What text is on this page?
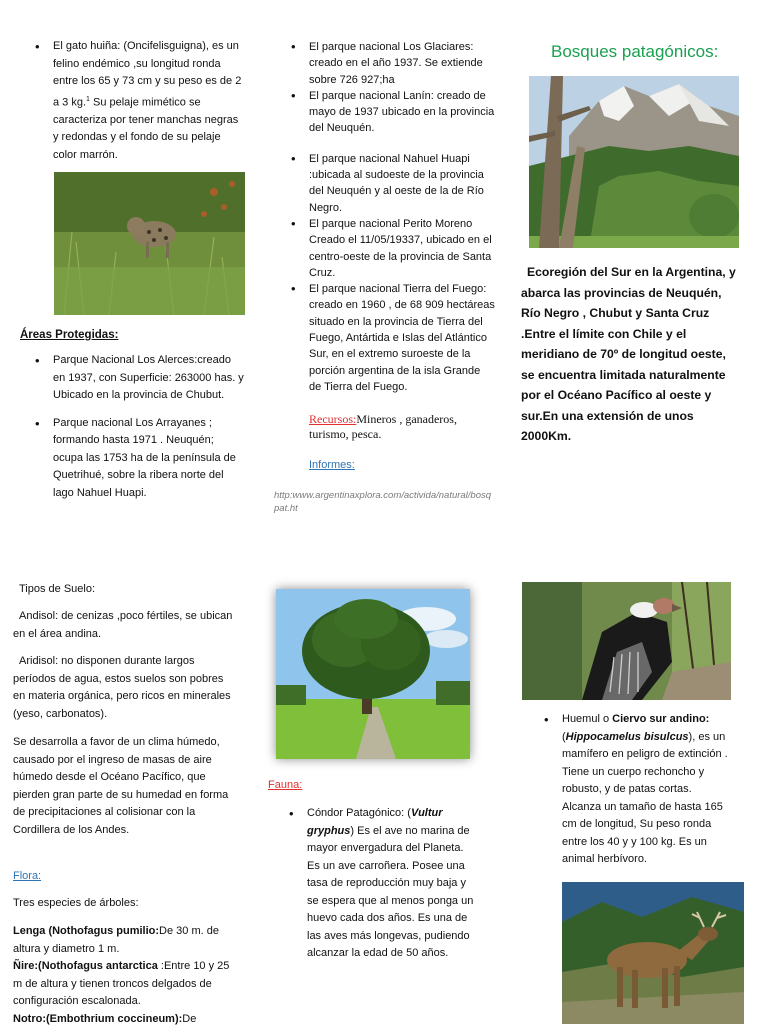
• El gato huiña: (Oncifelisguigna), es un felino endémico ,su longitud ronda entre los 65 y 73 cm y su peso es de 2 a 3 kg.$^1$ Su pelaje mimético se caracteriza por tener manchas negras y redondas y el fondo de su pelaje color marrón.
Áreas Protegidas:
• Parque Nacional Los Alerces:creado en 1937, con Superficie: 263000 has. y Ubicado en la provincia de Chubut.
• Parque nacional Los Arrayanes ; formando hasta 1971 . Neuquén; ocupa las 1753 ha de la península de Quetrihué, sobre la ribera norte del lago Nahuel Huapi.
• El parque nacional Los Glaciares: creado en el año 1937. Se extiende sobre 726 927;ha
• El parque nacional Lanín: creado de mayo de 1937 ubicado en la provincia del Neuquén.
• El parque nacional Nahuel Huapi :ubicada al sudoeste de la provincia del Neuquén y al oeste de la de Río Negro.
• El parque nacional Perito Moreno Creado el 11/05/19337, ubicado en el centro-oeste de la provincia de Santa Cruz.
• El parque nacional Tierra del Fuego: creado en 1960 , de 68 909 hectáreas situado en la provincia de Tierra del Fuego, Antártida e Islas del Atlántico Sur, en el extremo suroeste de la porción argentina de la isla Grande de Tierra del Fuego.
Recursos:Mineros , ganaderos, turismo, pesca.
Informes:
http:www.argentinaxplora.com/activida/natural/bosqpat.ht
Bosques patagónicos:
Ecoregión del Sur en la Argentina, y abarca las provincias de Neuquén, Río Negro , Chubut y Santa Cruz .Entre el límite con Chile y el meridiano de 70º de longitud oeste, se encuentra limitada naturalmente por el Océano Pacífico al oeste y sur.En una extensión de unos 2000Km.
Tipos de Suelo:
Andisol: de cenizas ,poco fértiles, se ubican en el área andina.
Aridisol: no disponen durante largos períodos de agua, estos suelos son pobres en materia orgánica, pero ricos en minerales (yeso, carbonatos).
Se desarrolla a favor de un clima húmedo, causado por el ingreso de masas de aire húmedo desde el Océano Pacífico, que pierden gran parte de su humedad en forma de precipitaciones al colisionar con la Cordillera de los Andes.
Flora:
Tres especies de árboles:
Lenga (Nothofagus pumilio:De 30 m. de altura y diametro 1 m.
Ñire:(Nothofagus antarctica :Entre 10 y 25 m de altura y tienen troncos delgados de configuración escalonada.
Notro:(Embothrium coccineum):De
Fauna:
• Cóndor Patagónico: (Vultur gryphus) Es el ave no marina de mayor envergadura del Planeta. Es un ave carroñera. Posee una tasa de reproducción muy baja y se espera que al menos ponga un huevo cada dos años. Es una de las aves más longevas, pudiendo alcanzar la edad de 50 años.
• Huemul o Ciervo sur andino: (Hippocamelus bisulcus), es un mamífero en peligro de extinción . Tiene un cuerpo rechoncho y robusto, y de patas cortas. Alcanza un tamaño de hasta 165 cm de longitud, Su peso ronda entre los 40 y y 100 kg. Es un animal herbívoro.
